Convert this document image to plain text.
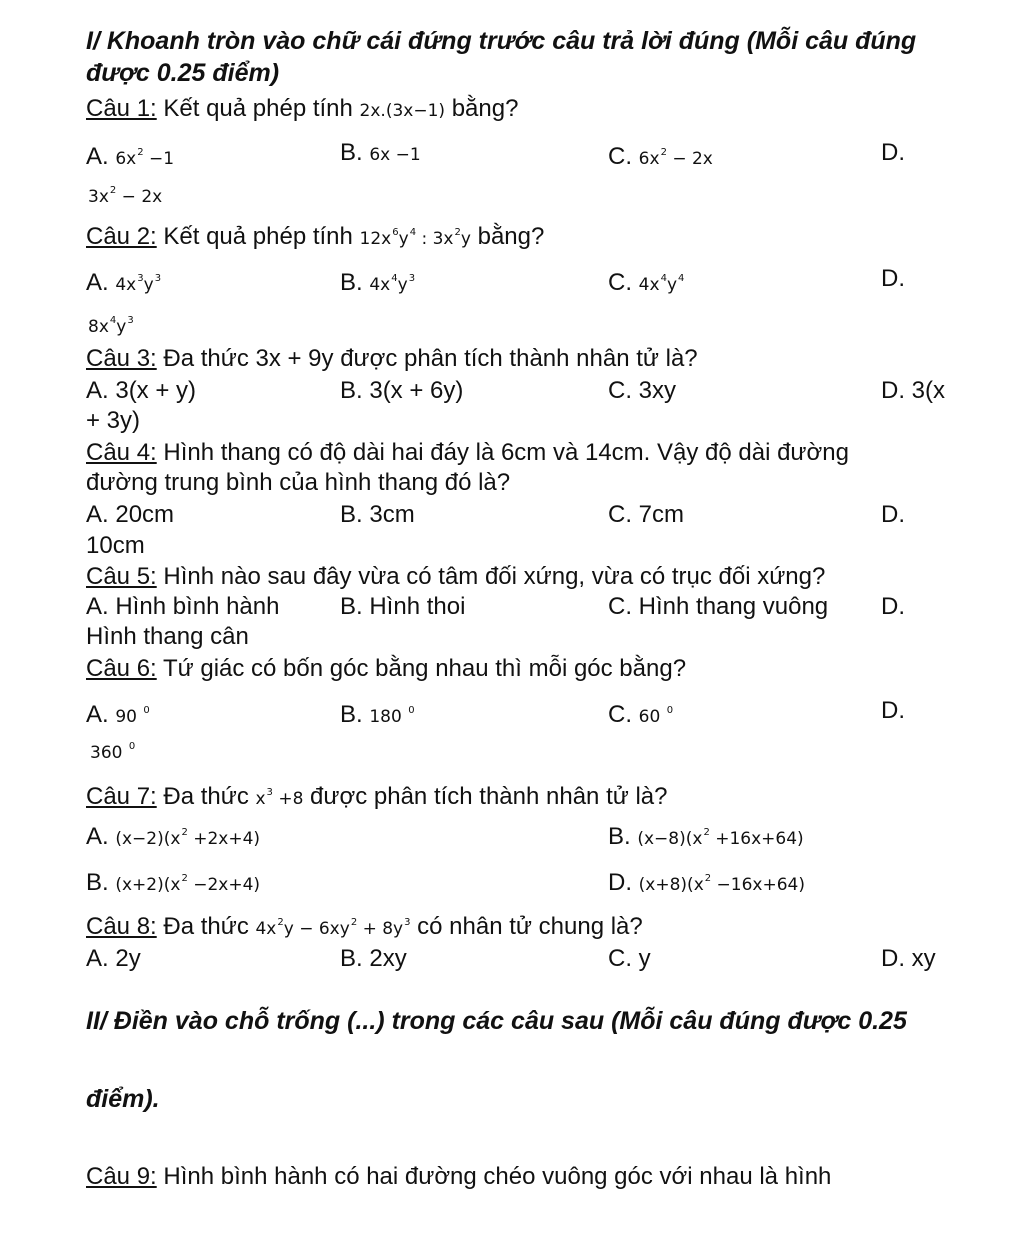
I/ Khoanh tròn vào chữ cái đứng trước câu trả lời đúng (Mỗi câu đúng
được 0.25 điểm)
Câu 1: Kết quả phép tính 2x.(3x−1) bằng?
A. $6x^2 -1$	B. 6x −1	C. $6x^2 - 2x$	D.
$3x^2 - 2x$
Câu 2: Kết quả phép tính $12x^6y^4$ : $3x^2y$ bằng?
A. $4x^3y^3$	B. $4x^4y^3$	C. $4x^4y^4$	D.
$8x^4y^3$
Câu 3: Đa thức 3x + 9y được phân tích thành nhân tử là?
A. 3(x + y)	B. 3(x + 6y)	C. 3xy	D. 3(x
+ 3y)
Câu 4: Hình thang có độ dài hai đáy là 6cm và 14cm. Vậy độ dài đường
đường trung bình của hình thang đó là?
A. 20cm	B. 3cm	C. 7cm	D.
10cm
Câu 5: Hình nào sau đây vừa có tâm đối xứng, vừa có trục đối xứng?
A. Hình bình hành	B. Hình thoi	C. Hình thang vuông D.
Hình thang cân
Câu 6: Tứ giác có bốn góc bằng nhau thì mỗi góc bằng?
A. 90 $^0$	B. 180 $^0$	C. 60 $^0$	D.
360 $^0$
Câu 7: Đa thức $x^3 +8$ được phân tích thành nhân tử là?
A. $(x-2)(x^2 +2x+4)$	B. $(x-8)(x^2 +16x+64)$
B. $(x+2)(x^2 -2x+4)$	D. $(x+8)(x^2 -16x+64)$
Câu 8: Đa thức $4x^2y - 6xy^2 + 8y^3$ có nhân tử chung là?
A. 2y	B. 2xy	C. y	D. xy
II/ Điền vào chỗ trống (...) trong các câu sau (Mỗi câu đúng được 0.25
điểm).
Câu 9: Hình bình hành có hai đường chéo vuông góc với nhau là hình
